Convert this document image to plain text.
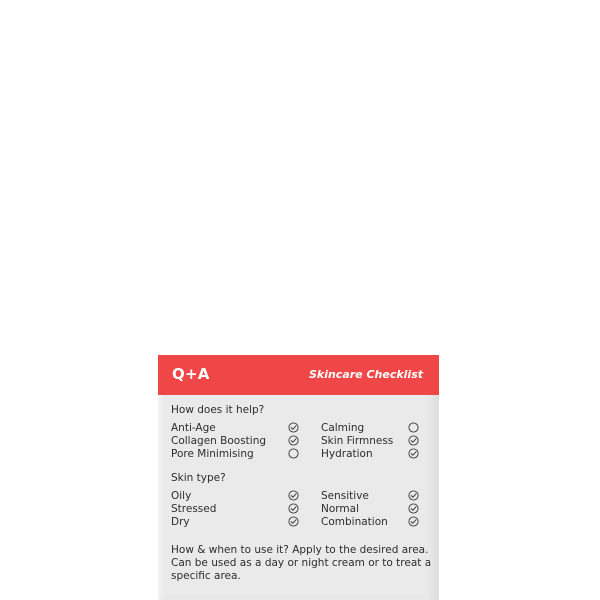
Q+A	Skincare Checklist
How does it help?
Anti-Age
Collagen Boosting
Pore Minimising
Calming
Skin Firmness
Hydration
Skin type?
Oily
Stressed
Dry
Sensitive
Normal
Combination
How & when to use it? Apply to the desired area. Can be used as a day or night cream or to treat a specific area.
